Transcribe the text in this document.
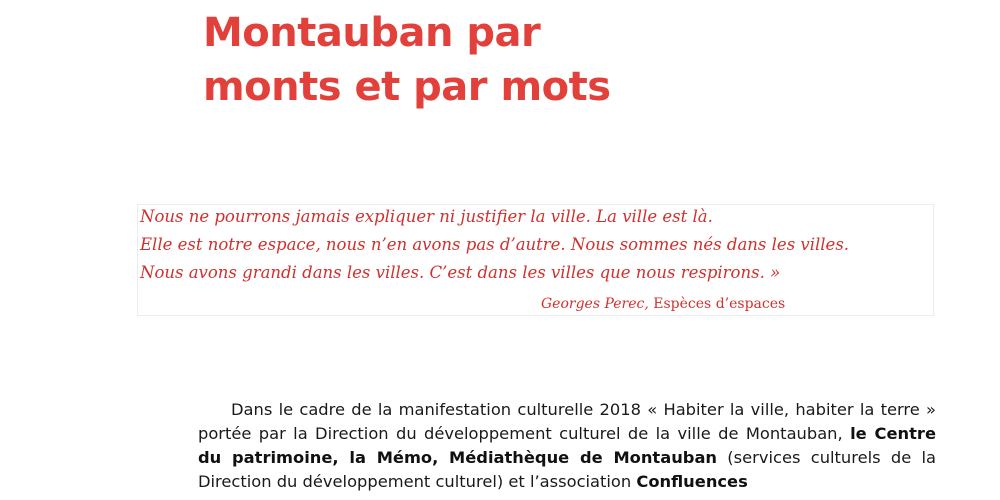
Montauban par
monts et par mots

Nous ne pourrons jamais expliquer ni justifier la ville. La ville est là.

Elle est notre espace, nous n’en avons pas d’autre. Nous sommes nés dans les villes.

Nous avons grandi dans les villes. C’est dans les villes que nous respirons. »

Georges Perec, Espèces d’espaces

Dans le cadre de la manifestation culturelle 2018 « Habiter la ville, habiter la terre » portée par la Direction du développement culturel de la ville de Montauban, le Centre du patrimoine, la Mémo, Médiathèque de Montauban (services culturels de la Direction du développement culturel) et l’association Confluences
